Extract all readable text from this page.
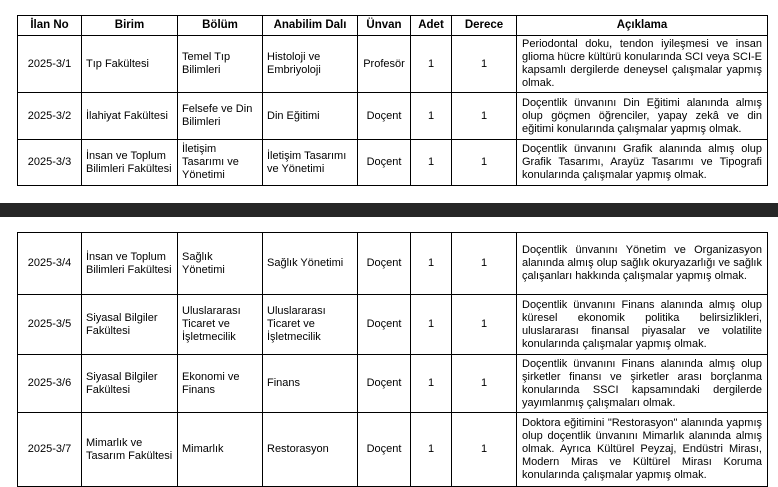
İlan No	Birim	Bölüm	Anabilim Dalı	Ünvan	Adet	Derece	Açıklama
2025-3/1	Tıp Fakültesi	Temel Tıp Bilimleri	Histoloji ve Embriyoloji	Profesör	1	1	Periodontal doku, tendon iyileşmesi ve insan glioma hücre kültürü konularında SCI veya SCI-E kapsamlı dergilerde deneysel çalışmalar yapmış olmak.
2025-3/2	İlahiyat Fakültesi	Felsefe ve Din Bilimleri	Din Eğitimi	Doçent	1	1	Doçentlik ünvanını Din Eğitimi alanında almış olup göçmen öğrenciler, yapay zekâ ve din eğitimi konularında çalışmalar yapmış olmak.
2025-3/3	İnsan ve Toplum Bilimleri Fakültesi	İletişim Tasarımı ve Yönetimi	İletişim Tasarımı ve Yönetimi	Doçent	1	1	Doçentlik ünvanını Grafik alanında almış olup Grafik Tasarımı, Arayüz Tasarımı ve Tipografi konularında çalışmalar yapmış olmak.
2025-3/4	İnsan ve Toplum Bilimleri Fakültesi	Sağlık Yönetimi	Sağlık Yönetimi	Doçent	1	1	Doçentlik ünvanını Yönetim ve Organizasyon alanında almış olup sağlık okuryazarlığı ve sağlık çalışanları hakkında çalışmalar yapmış olmak.
2025-3/5	Siyasal Bilgiler Fakültesi	Uluslararası Ticaret ve İşletmecilik	Uluslararası Ticaret ve İşletmecilik	Doçent	1	1	Doçentlik ünvanını Finans alanında almış olup küresel ekonomik politika belirsizlikleri, uluslararası finansal piyasalar ve volatilite konularında çalışmalar yapmış olmak.
2025-3/6	Siyasal Bilgiler Fakültesi	Ekonomi ve Finans	Finans	Doçent	1	1	Doçentlik ünvanını Finans alanında almış olup şirketler finansı ve şirketler arası borçlanma konularında SSCI kapsamındaki dergilerde yayımlanmış çalışmaları olmak.
2025-3/7	Mimarlık ve Tasarım Fakültesi	Mimarlık	Restorasyon	Doçent	1	1	Doktora eğitimini "Restorasyon" alanında yapmış olup doçentlik ünvanını Mimarlık alanında almış olmak. Ayrıca Kültürel Peyzaj, Endüstri Mirası, Modern Miras ve Kültürel Mirası Koruma konularında çalışmalar yapmış olmak.
